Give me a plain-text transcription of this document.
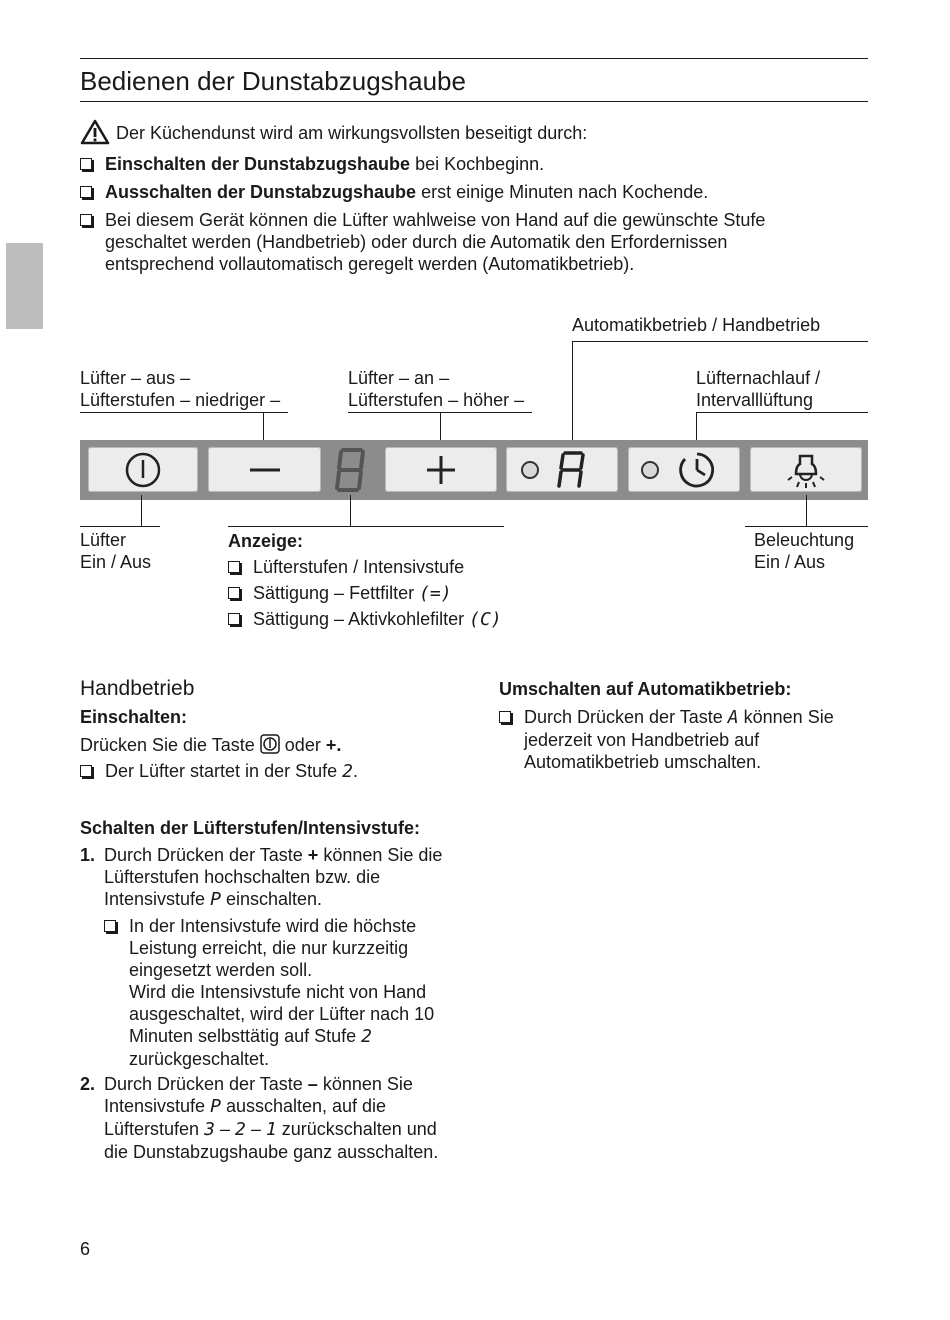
Bedienen der Dunstabzugshaube
Der Küchendunst wird am wirkungsvollsten beseitigt durch:
Einschalten der Dunstabzugshaube bei Kochbeginn.
Ausschalten der Dunstabzugshaube erst einige Minuten nach Kochende.
Bei diesem Gerät können die Lüfter wahlweise von Hand auf die gewünschte Stufe geschaltet werden (Handbetrieb) oder durch die Automatik den Erfordernissen entsprechend vollautomatisch geregelt werden (Automatikbetrieb).
Automatikbetrieb / Handbetrieb
Lüfter – aus –
Lüfterstufen – niedriger –
Lüfter – an –
Lüfterstufen – höher –
Lüfternachlauf /
Intervalllüftung
Lüfter
Ein / Aus
Anzeige:
Lüfterstufen / Intensivstufe
Sättigung – Fettfilter (=)
Sättigung – Aktivkohlefilter (C)
Beleuchtung
Ein / Aus
Handbetrieb
Einschalten:
Drücken Sie die Taste oder +.
Der Lüfter startet in der Stufe 2.
Schalten der Lüfterstufen/Intensivstufe:
1. Durch Drücken der Taste + können Sie die Lüfterstufen hochschalten bzw. die Intensivstufe P einschalten.
In der Intensivstufe wird die höchste Leistung erreicht, die nur kurzzeitig eingesetzt werden soll.
Wird die Intensivstufe nicht von Hand ausgeschaltet, wird der Lüfter nach 10 Minuten selbsttätig auf Stufe 2 zurückgeschaltet.
2. Durch Drücken der Taste – können Sie Intensivstufe P ausschalten, auf die Lüfterstufen 3 – 2 – 1 zurückschalten und die Dunstabzugshaube ganz ausschalten.
Umschalten auf Automatikbetrieb:
Durch Drücken der Taste A können Sie jederzeit von Handbetrieb auf Automatikbetrieb umschalten.
6
